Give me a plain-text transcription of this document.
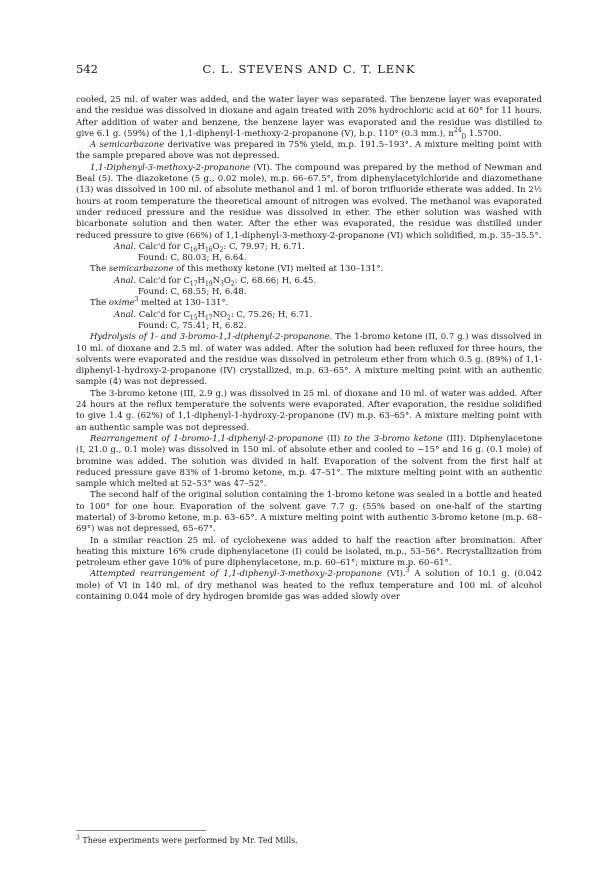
542	C. L. STEVENS AND C. T. LENK

cooled, 25 ml. of water was added, and the water layer was separated. The benzene layer was evaporated and the residue was dissolved in dioxane and again treated with 20% hydrochloric acid at 60° for 11 hours. After addition of water and benzene, the benzene layer was evaporated and the residue was distilled to give 6.1 g. (59%) of the 1,1-diphenyl-1-methoxy-2-propanone (V), b.p. 110° (0.3 mm.), $n^{24}_D$ 1.5700.

A semicarbazone derivative was prepared in 75% yield, m.p. 191.5–193°. A mixture melting point with the sample prepared above was not depressed.

1,1-Diphenyl-3-methoxy-2-propanone (VI). The compound was prepared by the method of Newman and Beal (5). The diazoketone (5 g., 0.02 mole), m.p. 66–67.5°, from diphenylacetylchloride and diazomethane (13) was dissolved in 100 ml. of absolute methanol and 1 ml. of boron trifluoride etherate was added. In 2½ hours at room temperature the theoretical amount of nitrogen was evolved. The methanol was evaporated under reduced pressure and the residue was dissolved in ether. The ether solution was washed with bicarbonate solution and then water. After the ether was evaporated, the residue was distilled under reduced pressure to give (66%) of 1,1-diphenyl-3-methoxy-2-propanone (VI) which solidified, m.p. 35–35.5°.

Anal. Calc'd for $C_{16}H_{16}O_2$: C, 79.97; H, 6.71.

Found: C, 80.03; H, 6.64.

The semicarbazone of this methoxy ketone (VI) melted at 130–131°.

Anal. Calc'd for $C_{17}H_{19}N_3O_2$: C, 68.66; H, 6.45.

Found: C, 68.55; H, 6.48.

The oxime$^3$ melted at 130–131°.

Anal. Calc'd for $C_{15}H_{17}NO_2$: C, 75.26; H, 6.71.

Found: C, 75.41; H, 6.82.

Hydrolysis of 1- and 3-bromo-1,1-diphenyl-2-propanone. The 1-bromo ketone (II, 0.7 g.) was dissolved in 10 ml. of dioxane and 2.5 ml. of water was added. After the solution had been refluxed for three hours, the solvents were evaporated and the residue was dissolved in petroleum ether from which 0.5 g. (89%) of 1,1-diphenyl-1-hydroxy-2-propanone (IV) crystallized, m.p. 63–65°. A mixture melting point with an authentic sample (4) was not depressed.

The 3-bromo ketone (III, 2.9 g.) was dissolved in 25 ml. of dioxane and 10 ml. of water was added. After 24 hours at the reflux temperature the solvents were evaporated. After evaporation, the residue solidified to give 1.4 g. (62%) of 1,1-diphenyl-1-hydroxy-2-propanone (IV) m.p. 63–65°. A mixture melting point with an authentic sample was not depressed.

Rearrangement of 1-bromo-1,1-diphenyl-2-propanone (II) to the 3-bromo ketone (III). Diphenylacetone (I, 21.0 g., 0.1 mole) was dissolved in 150 ml. of absolute ether and cooled to −15° and 16 g. (0.1 mole) of bromine was added. The solution was divided in half. Evaporation of the solvent from the first half at reduced pressure gave 83% of 1-bromo ketone, m.p. 47–51°. The mixture melting point with an authentic sample which melted at 52–53° was 47–52°.

The second half of the original solution containing the 1-bromo ketone was sealed in a bottle and heated to 100° for one hour. Evaporation of the solvent gave 7.7 g. (55% based on one-half of the starting material) of 3-bromo ketone, m.p. 63–65°. A mixture melting point with authentic 3-bromo ketone (m.p. 68–69°) was not depressed, 65–67°.

In a similar reaction 25 ml. of cyclohexene was added to half the reaction after bromination. After heating this mixture 16% crude diphenylacetone (I) could be isolated, m.p., 53–56°. Recrystallization from petroleum ether gave 10% of pure diphenylacetone, m.p. 60–61°; mixture m.p. 60–61°.

Attempted rearrangement of 1,1-diphenyl-3-methoxy-2-propanone (VI).$^3$ A solution of 10.1 g. (0.042 mole) of VI in 140 ml. of dry methanol was heated to the reflux temperature and 100 ml. of alcohol containing 0.044 mole of dry hydrogen bromide gas was added slowly over

$^3$ These experiments were performed by Mr. Ted Mills.
